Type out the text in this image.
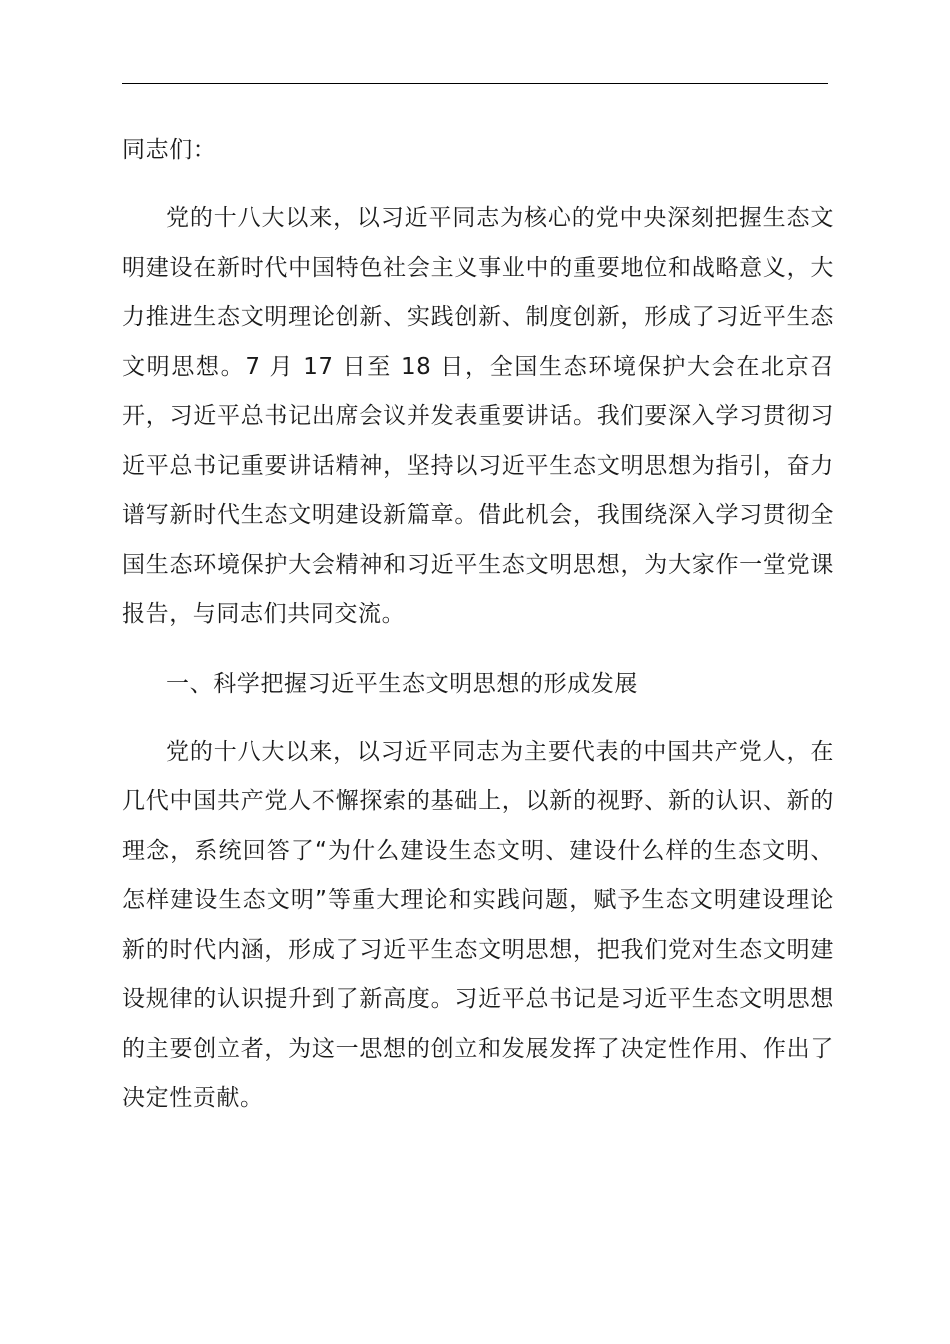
同志们：

党的十八大以来，以习近平同志为核心的党中央深刻把握生态文明建设在新时代中国特色社会主义事业中的重要地位和战略意义，大力推进生态文明理论创新、实践创新、制度创新，形成了习近平生态文明思想。7 月 17 日至 18 日，全国生态环境保护大会在北京召开，习近平总书记出席会议并发表重要讲话。我们要深入学习贯彻习近平总书记重要讲话精神，坚持以习近平生态文明思想为指引，奋力谱写新时代生态文明建设新篇章。借此机会，我围绕深入学习贯彻全国生态环境保护大会精神和习近平生态文明思想，为大家作一堂党课报告，与同志们共同交流。

一、科学把握习近平生态文明思想的形成发展

党的十八大以来，以习近平同志为主要代表的中国共产党人，在几代中国共产党人不懈探索的基础上，以新的视野、新的认识、新的理念，系统回答了“为什么建设生态文明、建设什么样的生态文明、怎样建设生态文明”等重大理论和实践问题，赋予生态文明建设理论新的时代内涵，形成了习近平生态文明思想，把我们党对生态文明建设规律的认识提升到了新高度。习近平总书记是习近平生态文明思想的主要创立者，为这一思想的创立和发展发挥了决定性作用、作出了决定性贡献。
